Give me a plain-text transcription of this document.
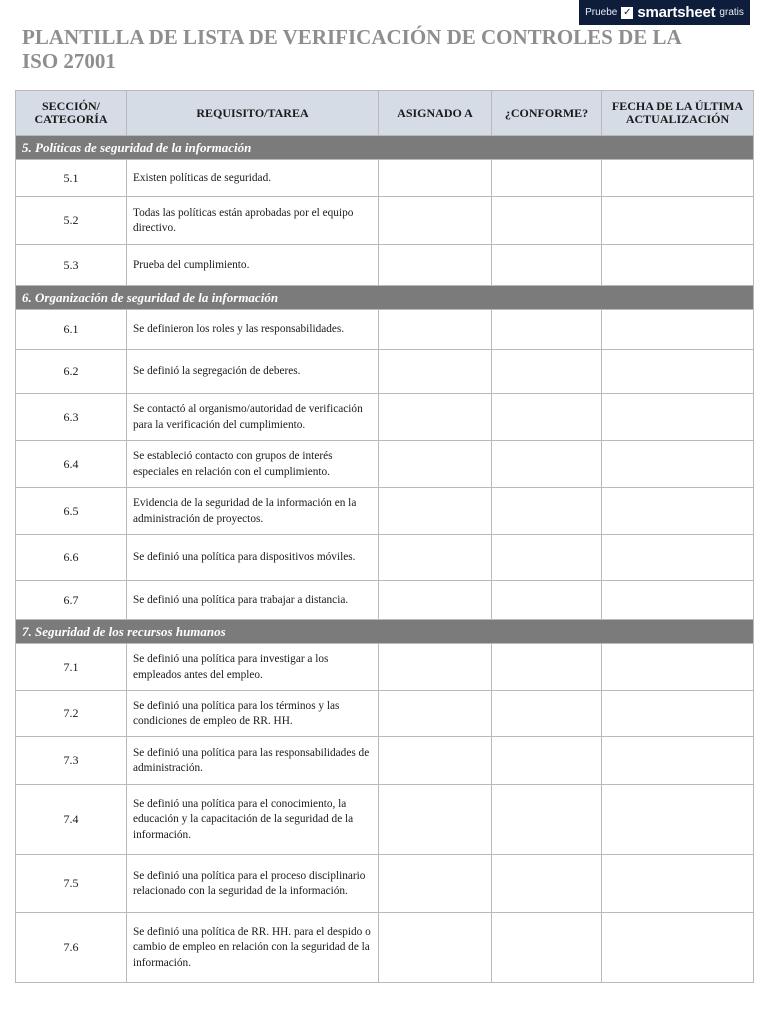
Pruebe ✓ smartsheet gratis
PLANTILLA DE LISTA DE VERIFICACIÓN DE CONTROLES DE LA ISO 27001
SECCIÓN/ CATEGORÍA	REQUISITO/TAREA	ASIGNADO A	¿CONFORME?	FECHA DE LA ÚLTIMA ACTUALIZACIÓN
5. Políticas de seguridad de la información				
5.1	Existen políticas de seguridad.			
5.2	Todas las políticas están aprobadas por el equipo directivo.			
5.3	Prueba del cumplimiento.			
6. Organización de seguridad de la información				
6.1	Se definieron los roles y las responsabilidades.			
6.2	Se definió la segregación de deberes.			
6.3	Se contactó al organismo/autoridad de verificación para la verificación del cumplimiento.			
6.4	Se estableció contacto con grupos de interés especiales en relación con el cumplimiento.			
6.5	Evidencia de la seguridad de la información en la administración de proyectos.			
6.6	Se definió una política para dispositivos móviles.			
6.7	Se definió una política para trabajar a distancia.			
7. Seguridad de los recursos humanos				
7.1	Se definió una política para investigar a los empleados antes del empleo.			
7.2	Se definió una política para los términos y las condiciones de empleo de RR. HH.			
7.3	Se definió una política para las responsabilidades de administración.			
7.4	Se definió una política para el conocimiento, la educación y la capacitación de la seguridad de la información.			
7.5	Se definió una política para el proceso disciplinario relacionado con la seguridad de la información.			
7.6	Se definió una política de RR. HH. para el despido o cambio de empleo en relación con la seguridad de la información.			
